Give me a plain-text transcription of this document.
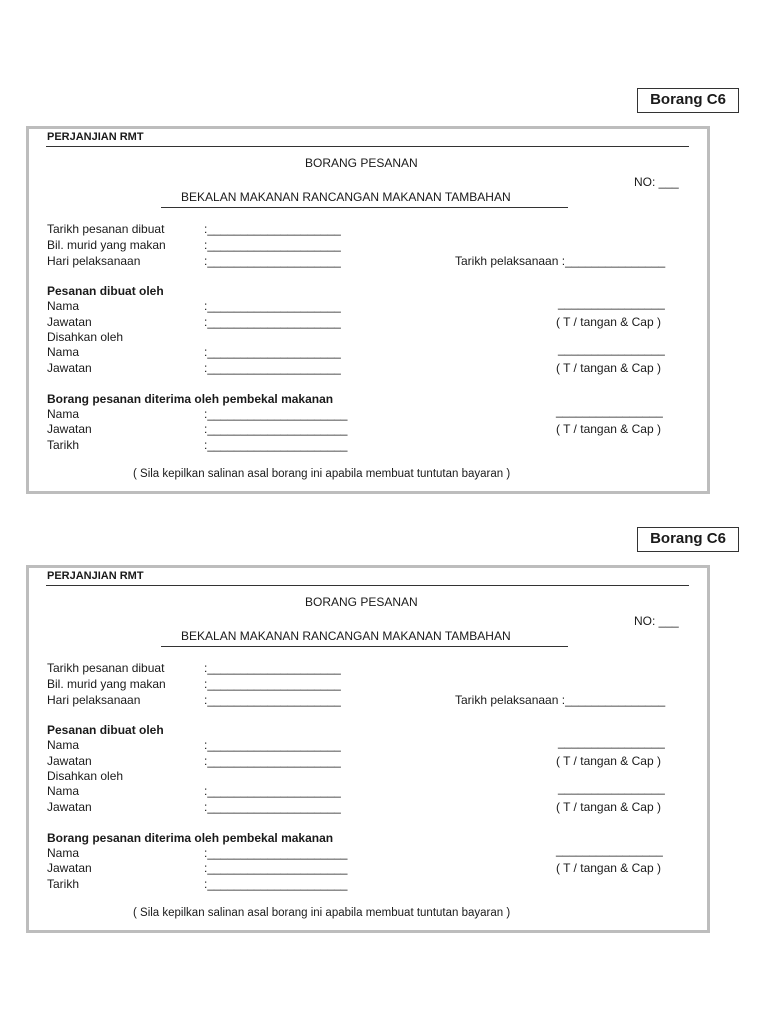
Borang C6
PERJANJIAN RMT
BORANG PESANAN
NO: ___
BEKALAN MAKANAN RANCANGAN MAKANAN TAMBAHAN
Tarikh pesanan dibuat	:____________________
Bil. murid yang makan	:____________________
Hari pelaksanaan	:____________________	Tarikh pelaksanaan :_______________
Pesanan dibuat oleh
Nama	:____________________	________________
Jawatan	:____________________	( T / tangan & Cap )
Disahkan oleh
Nama	:____________________	________________
Jawatan	:____________________	( T / tangan & Cap )
Borang pesanan diterima oleh pembekal makanan
Nama	:_____________________	________________
Jawatan	:_____________________	( T / tangan & Cap )
Tarikh	:_____________________
( Sila kepilkan salinan asal borang ini apabila membuat tuntutan bayaran )
Borang C6
PERJANJIAN RMT
BORANG PESANAN
NO: ___
BEKALAN MAKANAN RANCANGAN MAKANAN TAMBAHAN
Tarikh pesanan dibuat	:____________________
Bil. murid yang makan	:____________________
Hari pelaksanaan	:____________________	Tarikh pelaksanaan :_______________
Pesanan dibuat oleh
Nama	:____________________	________________
Jawatan	:____________________	( T / tangan & Cap )
Disahkan oleh
Nama	:____________________	________________
Jawatan	:____________________	( T / tangan & Cap )
Borang pesanan diterima oleh pembekal makanan
Nama	:_____________________	________________
Jawatan	:_____________________	( T / tangan & Cap )
Tarikh	:_____________________
( Sila kepilkan salinan asal borang ini apabila membuat tuntutan bayaran )
